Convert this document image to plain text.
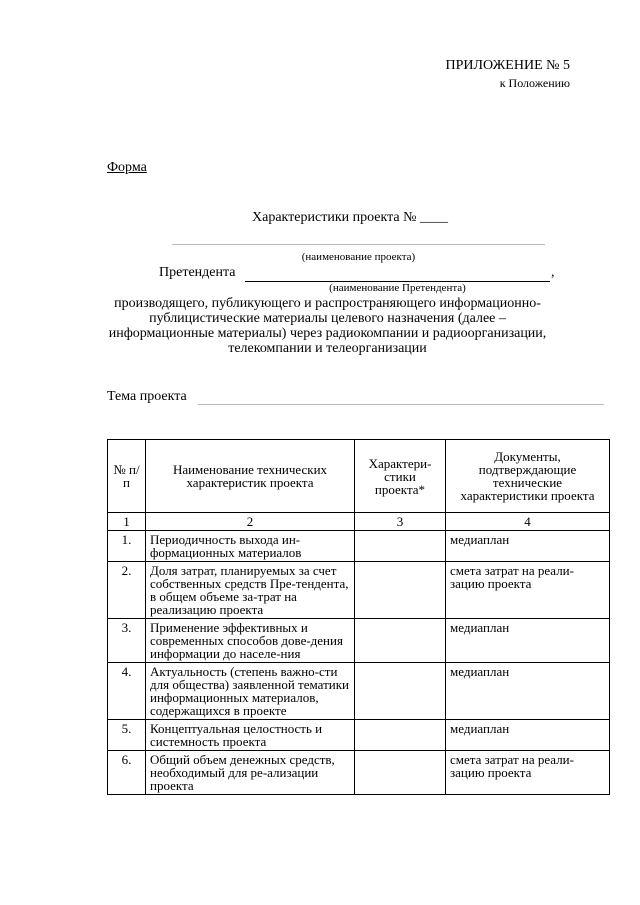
ПРИЛОЖЕНИЕ № 5
к Положению
Форма
Характеристики проекта № ____
(наименование проекта)
Претендента	,
(наименование Претендента)
производящего, публикующего и распространяющего информационно-публицистические материалы целевого назначения (далее – информационные материалы) через радиокомпании и радиоорганизации, телекомпании и телеорганизации
Тема проекта
№ п/п	Наименование технических характеристик проекта	Характери-стики проекта*	Документы, подтверждающие технические характеристики проекта
1	2	3	4
1.	Периодичность выхода ин-формационных материалов		медиаплан
2.	Доля затрат, планируемых за счет собственных средств Пре-тендента, в общем объеме за-трат на реализацию проекта		смета затрат на реали-зацию проекта
3.	Применение эффективных и современных способов дове-дения информации до населе-ния		медиаплан
4.	Актуальность (степень важно-сти для общества) заявленной тематики информационных материалов, содержащихся в проекте		медиаплан
5.	Концептуальная целостность и системность проекта		медиаплан
6.	Общий объем денежных средств, необходимый для ре-ализации проекта		смета затрат на реали-зацию проекта
